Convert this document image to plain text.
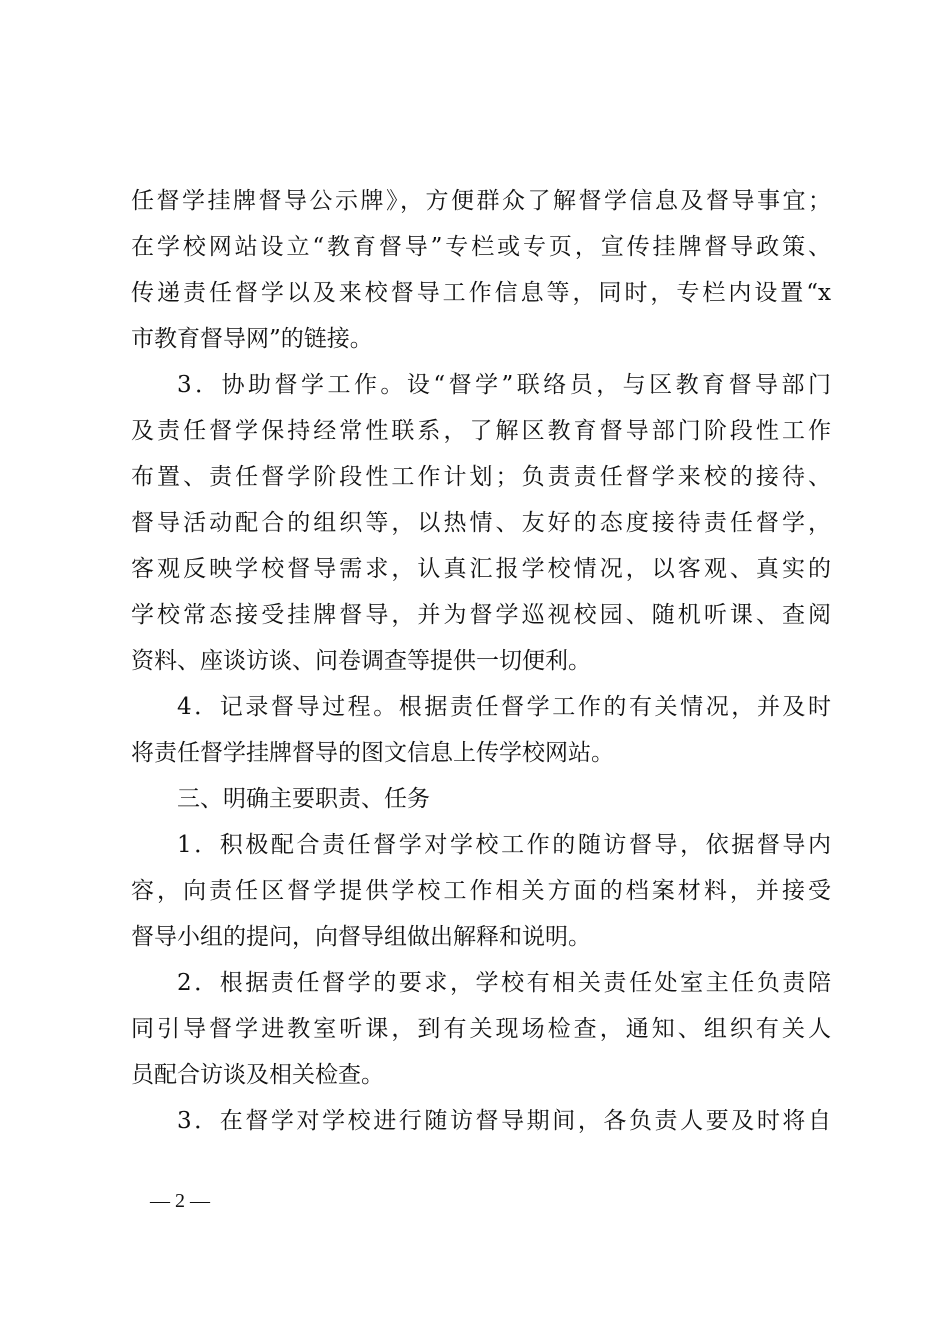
任督学挂牌督导公示牌》，方便群众了解督学信息及督导事宜；
在学校网站设立“教育督导”专栏或专页，宣传挂牌督导政策、
传递责任督学以及来校督导工作信息等，同时，专栏内设置“x
市教育督导网”的链接。
3．协助督学工作。设“督学”联络员，与区教育督导部门
及责任督学保持经常性联系，了解区教育督导部门阶段性工作
布置、责任督学阶段性工作计划；负责责任督学来校的接待、
督导活动配合的组织等，以热情、友好的态度接待责任督学，
客观反映学校督导需求，认真汇报学校情况，以客观、真实的
学校常态接受挂牌督导，并为督学巡视校园、随机听课、查阅
资料、座谈访谈、问卷调查等提供一切便利。
4．记录督导过程。根据责任督学工作的有关情况，并及时
将责任督学挂牌督导的图文信息上传学校网站。
三、明确主要职责、任务
1．积极配合责任督学对学校工作的随访督导，依据督导内
容，向责任区督学提供学校工作相关方面的档案材料，并接受
督导小组的提问，向督导组做出解释和说明。
2．根据责任督学的要求，学校有相关责任处室主任负责陪
同引导督学进教室听课，到有关现场检查，通知、组织有关人
员配合访谈及相关检查。
3．在督学对学校进行随访督导期间，各负责人要及时将自
— 2 —
